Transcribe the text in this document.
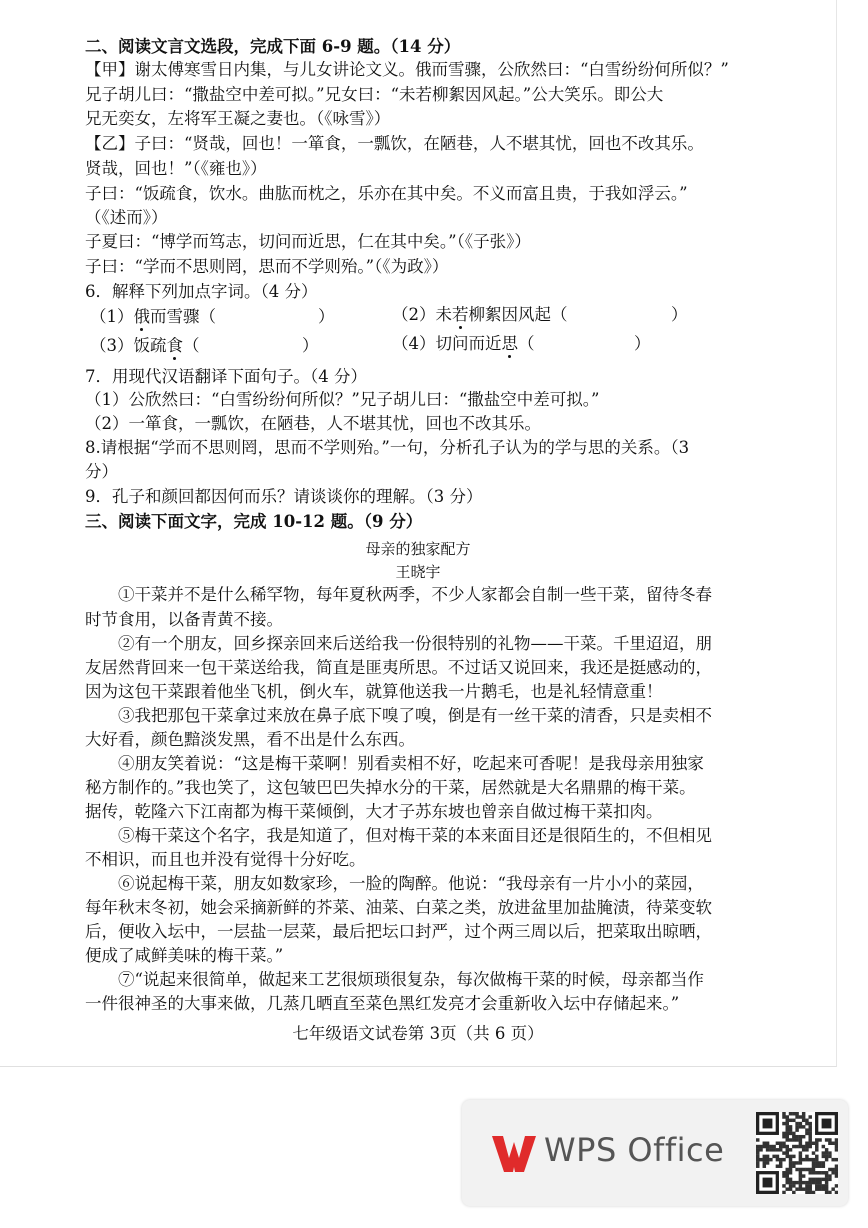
二、阅读文言文选段，完成下面 6-9 题。（14 分）
【甲】谢太傅寒雪日内集，与儿女讲论文义。俄而雪骤，公欣然曰：“白雪纷纷何所似？”
兄子胡儿曰：“撒盐空中差可拟。”兄女曰：“未若柳絮因风起。”公大笑乐。即公大
兄无奕女，左将军王凝之妻也。（《咏雪》）
【乙】子曰：“贤哉，回也！一箪食，一瓢饮，在陋巷，人不堪其忧，回也不改其乐。
贤哉，回也！”（《雍也》）
子曰：“饭疏食，饮水。曲肱而枕之，乐亦在其中矣。不义而富且贵，于我如浮云。”
（《述而》）
子夏曰：“博学而笃志，切问而近思，仁在其中矣。”（《子张》）
子曰：“学而不思则罔，思而不学则殆。”（《为政》）
6．解释下列加点字词。（4 分）
（1）俄而雪骤（	）	（2）未若柳絮因风起（	）
（3）饭疏食（	）	（4）切问而近思（	）
7．用现代汉语翻译下面句子。（4 分）
（1）公欣然曰：“白雪纷纷何所似？”兄子胡儿曰：“撒盐空中差可拟。”
（2）一箪食，一瓢饮，在陋巷，人不堪其忧，回也不改其乐。
8.请根据“学而不思则罔，思而不学则殆。”一句，分析孔子认为的学与思的关系。（3
分）
9．孔子和颜回都因何而乐？请谈谈你的理解。（3 分）
三、阅读下面文字，完成 10-12 题。（9 分）
母亲的独家配方
王晓宇
①干菜并不是什么稀罕物，每年夏秋两季，不少人家都会自制一些干菜，留待冬春
时节食用，以备青黄不接。
②有一个朋友，回乡探亲回来后送给我一份很特别的礼物——干菜。千里迢迢，朋
友居然背回来一包干菜送给我，简直是匪夷所思。不过话又说回来，我还是挺感动的，
因为这包干菜跟着他坐飞机，倒火车，就算他送我一片鹅毛，也是礼轻情意重！
③我把那包干菜拿过来放在鼻子底下嗅了嗅，倒是有一丝干菜的清香，只是卖相不
大好看，颜色黯淡发黑，看不出是什么东西。
④朋友笑着说：“这是梅干菜啊！别看卖相不好，吃起来可香呢！是我母亲用独家
秘方制作的。”我也笑了，这包皱巴巴失掉水分的干菜，居然就是大名鼎鼎的梅干菜。
据传，乾隆六下江南都为梅干菜倾倒，大才子苏东坡也曾亲自做过梅干菜扣肉。
⑤梅干菜这个名字，我是知道了，但对梅干菜的本来面目还是很陌生的，不但相见
不相识，而且也并没有觉得十分好吃。
⑥说起梅干菜，朋友如数家珍，一脸的陶醉。他说：“我母亲有一片小小的菜园，
每年秋末冬初，她会采摘新鲜的芥菜、油菜、白菜之类，放进盆里加盐腌渍，待菜变软
后，便收入坛中，一层盐一层菜，最后把坛口封严，过个两三周以后，把菜取出晾晒，
便成了咸鲜美味的梅干菜。”
⑦“说起来很简单，做起来工艺很烦琐很复杂，每次做梅干菜的时候，母亲都当作
一件很神圣的大事来做，几蒸几晒直至菜色黑红发亮才会重新收入坛中存储起来。”
七年级语文试卷第 3页（共 6 页）
WPS Office
